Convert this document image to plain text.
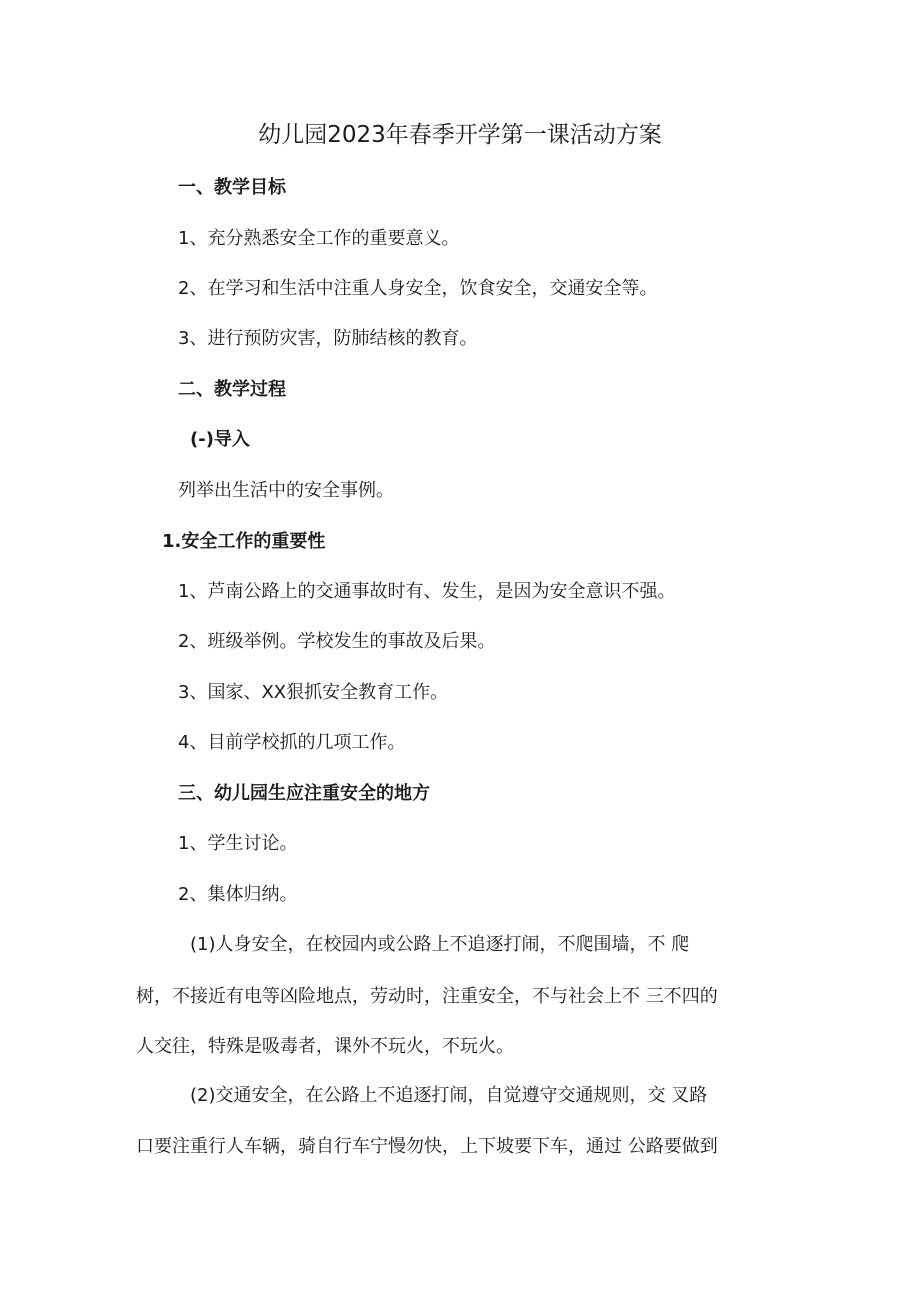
幼儿园2023年春季开学第一课活动方案
一、教学目标
1、充分熟悉安全工作的重要意义。
2、在学习和生活中注重人身安全，饮食安全，交通安全等。
3、进行预防灾害，防肺结核的教育。
二、教学过程
(-)导入
列举出生活中的安全事例。
1.安全工作的重要性
1、芦南公路上的交通事故时有、发生，是因为安全意识不强。
2、班级举例。学校发生的事故及后果。
3、国家、XX狠抓安全教育工作。
4、目前学校抓的几项工作。
三、幼儿园生应注重安全的地方
1、学生讨论。
2、集体归纳。
(1)人身安全，在校园内或公路上不追逐打闹，不爬围墙，不 爬
树，不接近有电等凶险地点，劳动时，注重安全，不与社会上不 三不四的
人交往，特殊是吸毒者，课外不玩火，不玩火。
(2)交通安全，在公路上不追逐打闹，自觉遵守交通规则，交 叉路
口要注重行人车辆，骑自行车宁慢勿快，上下坡要下车，通过 公路要做到
